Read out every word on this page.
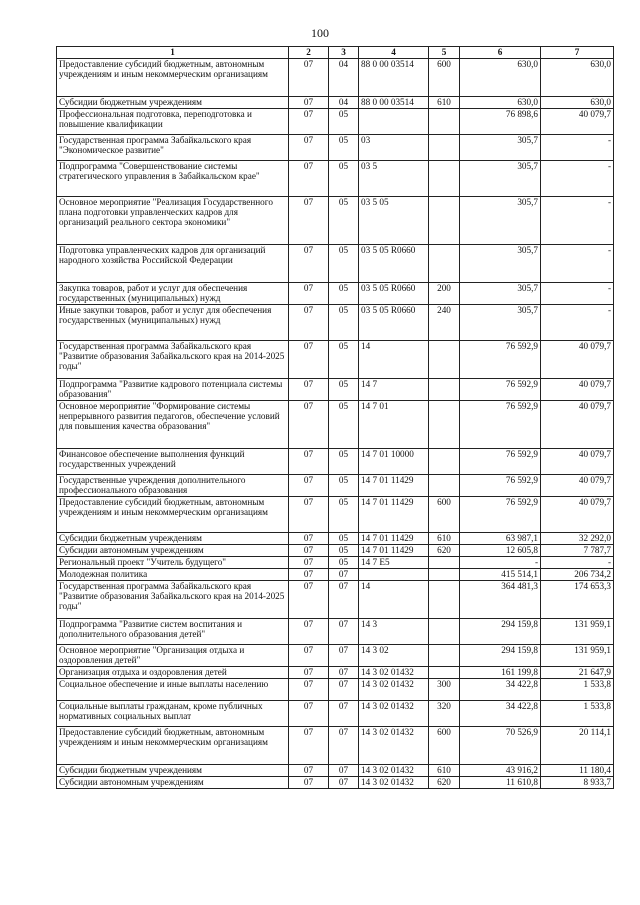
100
1	2	3	4	5	6	7
Предоставление субсидий бюджетным, автономным учреждениям и иным некоммерческим организациям	07	04	88 0 00 03514	600	630,0	630,0
Субсидии бюджетным учреждениям	07	04	88 0 00 03514	610	630,0	630,0
Профессиональная подготовка, переподготовка и повышение квалификации	07	05			76 898,6	40 079,7
Государственная программа Забайкальского края "Экономическое развитие"	07	05	03		305,7	-
Подпрограмма "Совершенствование системы стратегического управления в Забайкальском крае"	07	05	03 5		305,7	-
Основное мероприятие "Реализация Государственного плана подготовки управленческих кадров для организаций реального сектора экономики"	07	05	03 5 05		305,7	-
Подготовка управленческих кадров для организаций народного хозяйства Российской Федерации	07	05	03 5 05 R0660		305,7	-
Закупка товаров, работ и услуг для обеспечения государственных (муниципальных) нужд	07	05	03 5 05 R0660	200	305,7	-
Иные закупки товаров, работ и услуг для обеспечения государственных (муниципальных) нужд	07	05	03 5 05 R0660	240	305,7	-
Государственная программа Забайкальского края "Развитие образования Забайкальского края на 2014-2025 годы"	07	05	14		76 592,9	40 079,7
Подпрограмма "Развитие кадрового потенциала системы образования"	07	05	14 7		76 592,9	40 079,7
Основное мероприятие "Формирование системы непрерывного развития педагогов, обеспечение условий для повышения качества образования"	07	05	14 7 01		76 592,9	40 079,7
Финансовое обеспечение выполнения функций государственных учреждений	07	05	14 7 01 10000		76 592,9	40 079,7
Государственные учреждения дополнительного профессионального образования	07	05	14 7 01 11429		76 592,9	40 079,7
Предоставление субсидий бюджетным, автономным учреждениям и иным некоммерческим организациям	07	05	14 7 01 11429	600	76 592,9	40 079,7
Субсидии бюджетным учреждениям	07	05	14 7 01 11429	610	63 987,1	32 292,0
Субсидии автономным учреждениям	07	05	14 7 01 11429	620	12 605,8	7 787,7
Региональный проект "Учитель будущего"	07	05	14 7 E5		-	-
Молодежная политика	07	07			415 514,1	206 734,2
Государственная программа Забайкальского края "Развитие образования Забайкальского края на 2014-2025 годы"	07	07	14		364 481,3	174 653,3
Подпрограмма "Развитие систем воспитания и дополнительного образования детей"	07	07	14 3		294 159,8	131 959,1
Основное мероприятие "Организация отдыха и оздоровления детей"	07	07	14 3 02		294 159,8	131 959,1
Организация отдыха и оздоровления детей	07	07	14 3 02 01432		161 199,8	21 647,9
Социальное обеспечение и иные выплаты населению	07	07	14 3 02 01432	300	34 422,8	1 533,8
Социальные выплаты гражданам, кроме публичных нормативных социальных выплат	07	07	14 3 02 01432	320	34 422,8	1 533,8
Предоставление субсидий бюджетным, автономным учреждениям и иным некоммерческим организациям	07	07	14 3 02 01432	600	70 526,9	20 114,1
Субсидии бюджетным учреждениям	07	07	14 3 02 01432	610	43 916,2	11 180,4
Субсидии автономным учреждениям	07	07	14 3 02 01432	620	11 610,8	8 933,7
